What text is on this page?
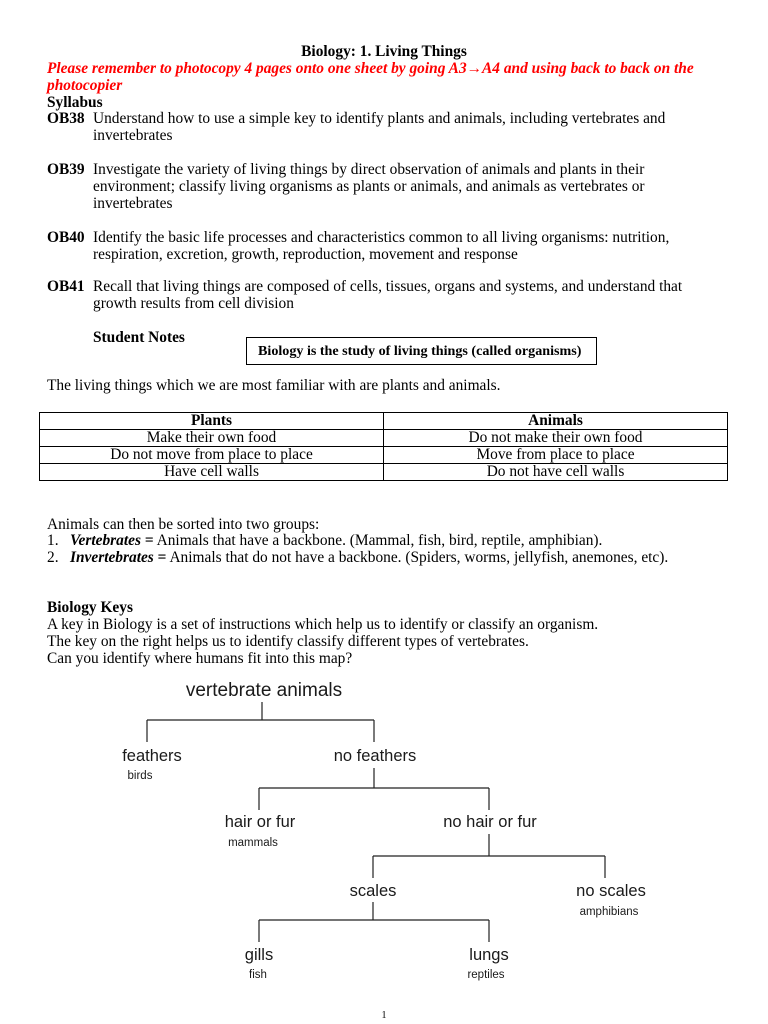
Biology: 1. Living Things
Please remember to photocopy 4 pages onto one sheet by going A3→A4 and using back to back on the photocopier
Syllabus
OB38 Understand how to use a simple key to identify plants and animals, including vertebrates and invertebrates
OB39 Investigate the variety of living things by direct observation of animals and plants in their environment; classify living organisms as plants or animals, and animals as vertebrates or invertebrates
OB40 Identify the basic life processes and characteristics common to all living organisms: nutrition, respiration, excretion, growth, reproduction, movement and response
OB41 Recall that living things are composed of cells, tissues, organs and systems, and understand that growth results from cell division
Student Notes
Biology is the study of living things (called organisms)
The living things which we are most familiar with are plants and animals.
Plants	Animals
Make their own food	Do not make their own food
Do not move from place to place	Move from place to place
Have cell walls	Do not have cell walls
Animals can then be sorted into two groups:
1. Vertebrates = Animals that have a backbone. (Mammal, fish, bird, reptile, amphibian).
2. Invertebrates = Animals that do not have a backbone. (Spiders, worms, jellyfish, anemones, etc).
Biology Keys
A key in Biology is a set of instructions which help us to identify or classify an organism.
The key on the right helps us to identify classify different types of vertebrates.
Can you identify where humans fit into this map?
vertebrate animals
feathers
birds
no feathers
hair or fur
mammals
no hair or fur
scales	no scales
amphibians
gills
fish
lungs
reptiles
1
